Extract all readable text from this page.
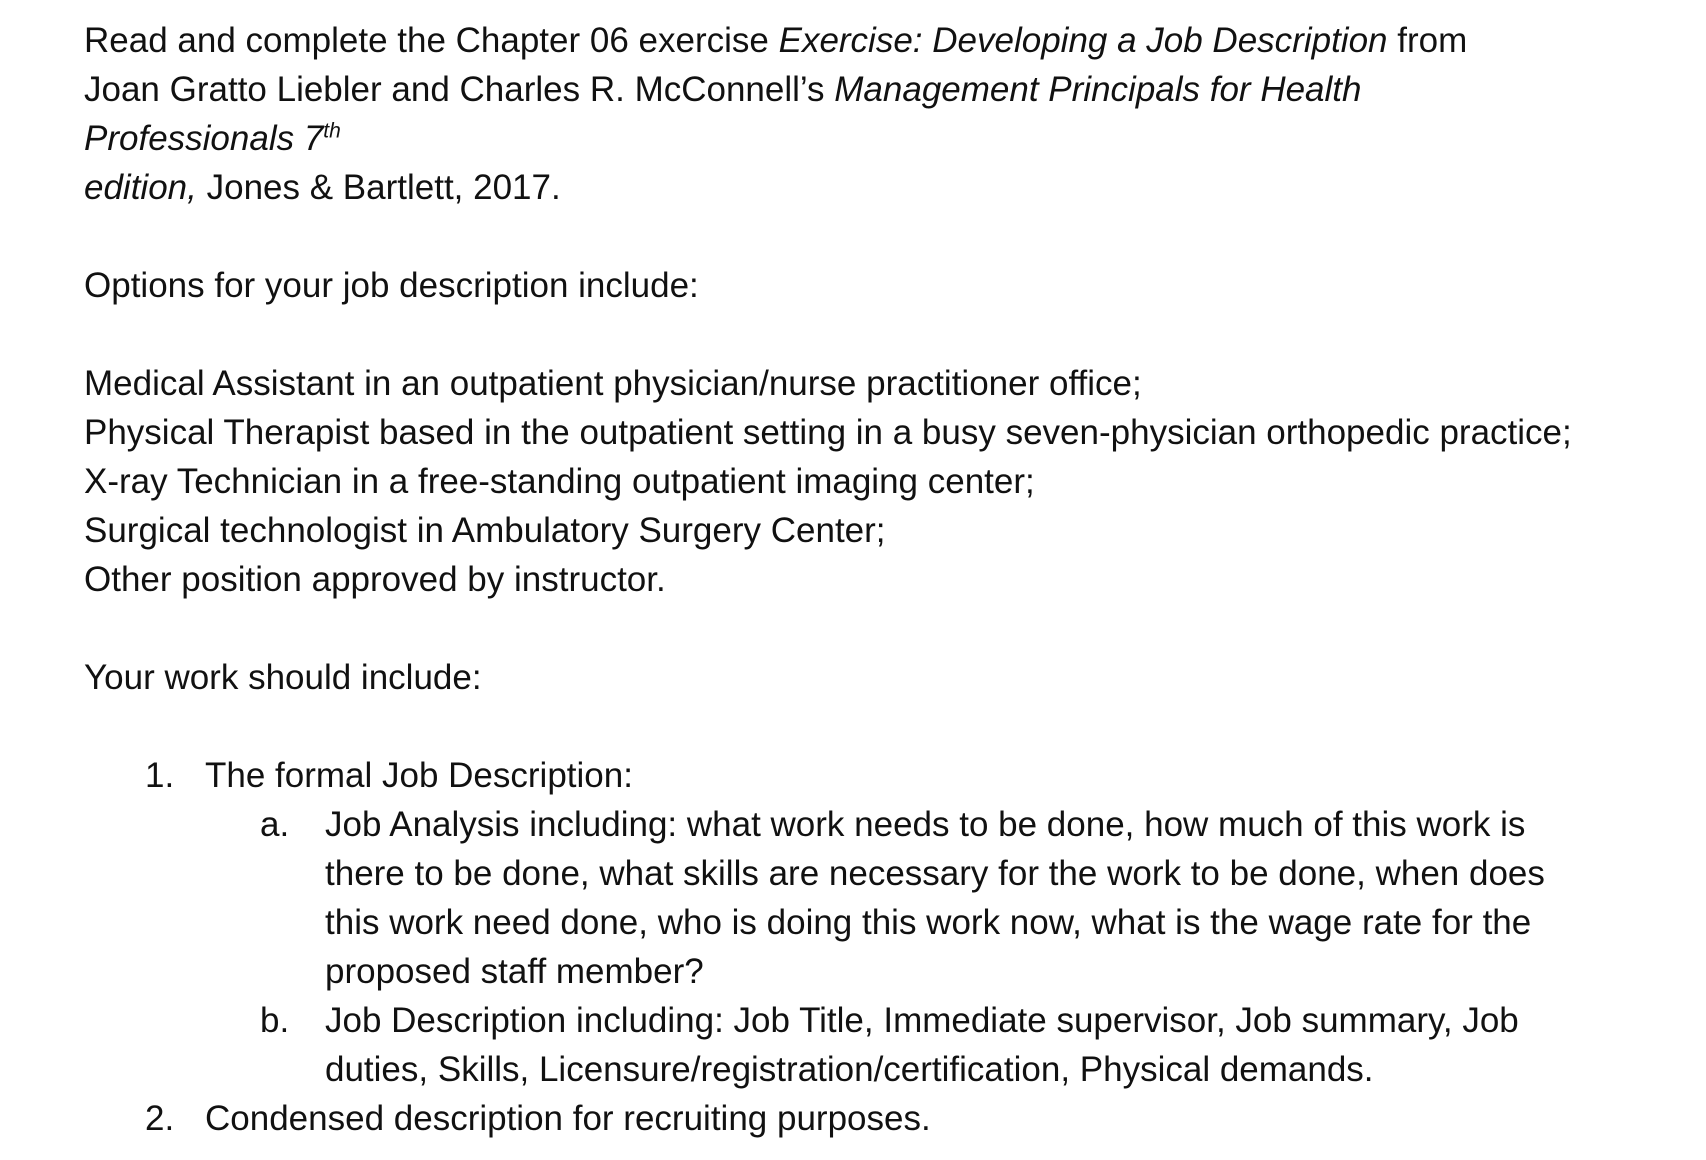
Read and complete the Chapter 06 exercise Exercise: Developing a Job Description from Joan Gratto Liebler and Charles R. McConnell’s Management Principals for Health Professionals 7th
edition, Jones & Bartlett, 2017.

Options for your job description include:

Medical Assistant in an outpatient physician/nurse practitioner office;

Physical Therapist based in the outpatient setting in a busy seven-physician orthopedic practice;

X-ray Technician in a free-standing outpatient imaging center;

Surgical technologist in Ambulatory Surgery Center;

Other position approved by instructor.

Your work should include:

1. The formal Job Description:
a.	Job Analysis including: what work needs to be done, how much of this work is there to be done, what skills are necessary for the work to be done, when does this work need done, who is doing this work now, what is the wage rate for the proposed staff member?
b.	Job Description including: Job Title, Immediate supervisor, Job summary, Job duties, Skills, Licensure/registration/certification, Physical demands.
2. Condensed description for recruiting purposes.
